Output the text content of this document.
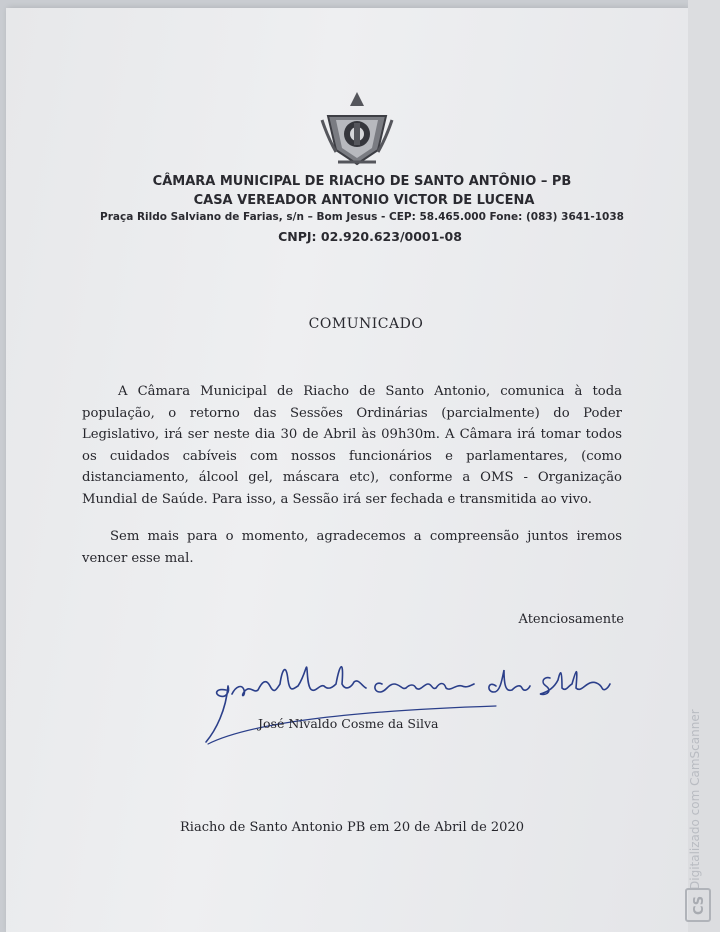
CÂMARA MUNICIPAL DE RIACHO DE SANTO ANTÔNIO – PB
CASA VEREADOR ANTONIO VICTOR DE LUCENA
Praça Rildo Salviano de Farias, s/n – Bom Jesus - CEP: 58.465.000 Fone: (083) 3641-1038
CNPJ: 02.920.623/0001-08
COMUNICADO
A Câmara Municipal de Riacho de Santo Antonio, comunica à toda população, o retorno das Sessões Ordinárias (parcialmente) do Poder Legislativo, irá ser neste dia 30 de Abril às 09h30m. A Câmara irá tomar todos os cuidados cabíveis com nossos funcionários e parlamentares, (como distanciamento, álcool gel, máscara etc), conforme a OMS - Organização Mundial de Saúde. Para isso, a Sessão irá ser fechada e transmitida ao vivo.
Sem mais para o momento, agradecemos a compreensão juntos iremos vencer esse mal.
Atenciosamente
José Nivaldo Cosme da Silva
Riacho de Santo Antonio PB em 20 de Abril de 2020	Digitalizado com CamScanner
CS
